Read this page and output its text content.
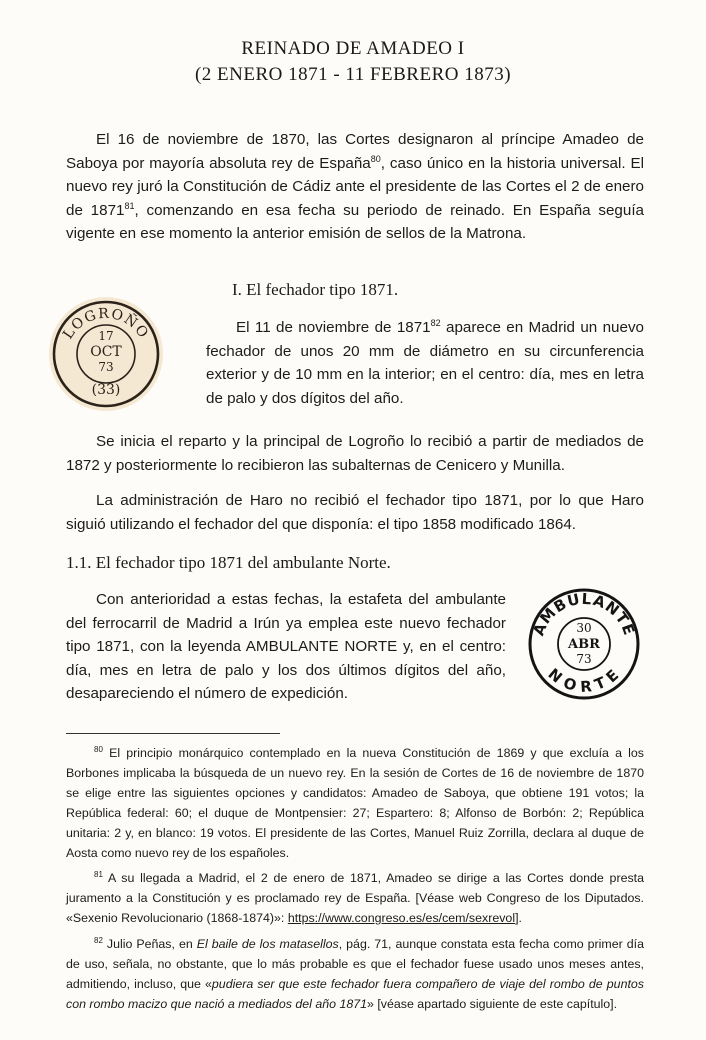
REINADO DE AMADEO I
(2 ENERO 1871 - 11 FEBRERO 1873)

El 16 de noviembre de 1870, las Cortes designaron al príncipe Amadeo de Saboya por mayoría absoluta rey de España$^{80}$, caso único en la historia universal. El nuevo rey juró la Constitución de Cádiz ante el presidente de las Cortes el 2 de enero de 1871$^{81}$, comenzando en esa fecha su periodo de reinado. En España seguía vigente en ese momento la anterior emisión de sellos de la Matrona.

LOGROÑO
17
OCT
73
(33)
I. El fechador tipo 1871.

El 11 de noviembre de 1871$^{82}$ aparece en Madrid un nuevo fechador de unos 20 mm de diámetro en su circunferencia exterior y de 10 mm en la interior; en el centro: día, mes en letra de palo y dos dígitos del año.

Se inicia el reparto y la principal de Logroño lo recibió a partir de mediados de 1872 y posteriormente lo recibieron las subalternas de Cenicero y Munilla.

La administración de Haro no recibió el fechador tipo 1871, por lo que Haro siguió utilizando el fechador del que disponía: el tipo 1858 modificado 1864.

1.1. El fechador tipo 1871 del ambulante Norte.

Con anterioridad a estas fechas, la estafeta del ambulante del ferrocarril de Madrid a Irún ya emplea este nuevo fechador tipo 1871, con la leyenda AMBULANTE NORTE y, en el centro: día, mes en letra de palo y los dos últimos dígitos del año, desapareciendo el número de expedición.

AMBULANTE
NORTE
30
ABR
73

$^{80}$ El principio monárquico contemplado en la nueva Constitución de 1869 y que excluía a los Borbones implicaba la búsqueda de un nuevo rey. En la sesión de Cortes de 16 de noviembre de 1870 se elige entre las siguientes opciones y candidatos: Amadeo de Saboya, que obtiene 191 votos; la República federal: 60; el duque de Montpensier: 27; Espartero: 8; Alfonso de Borbón: 2; República unitaria: 2 y, en blanco: 19 votos. El presidente de las Cortes, Manuel Ruiz Zorrilla, declara al duque de Aosta como nuevo rey de los españoles.

$^{81}$ A su llegada a Madrid, el 2 de enero de 1871, Amadeo se dirige a las Cortes donde presta juramento a la Constitución y es proclamado rey de España. [Véase web Congreso de los Diputados. «Sexenio Revolucionario (1868-1874)»: https://www.congreso.es/es/cem/sexrevol].

$^{82}$ Julio Peñas, en El baile de los matasellos, pág. 71, aunque constata esta fecha como primer día de uso, señala, no obstante, que lo más probable es que el fechador fuese usado unos meses antes, admitiendo, incluso, que «pudiera ser que este fechador fuera compañero de viaje del rombo de puntos con rombo macizo que nació a mediados del año 1871» [véase apartado siguiente de este capítulo].
